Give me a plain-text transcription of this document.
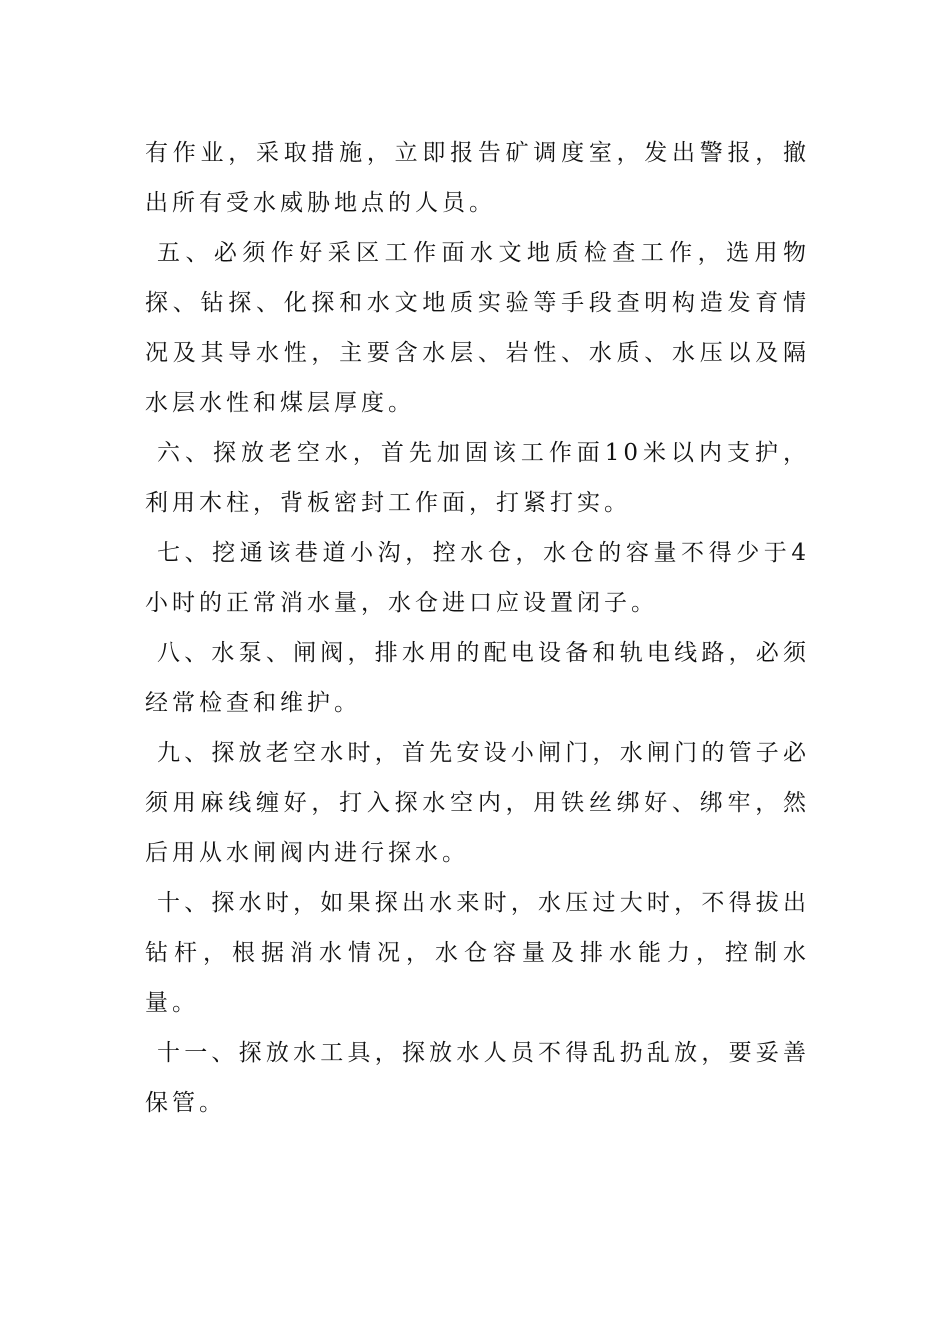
有作业，采取措施，立即报告矿调度室，发出警报，撤出所有受水威胁地点的人员。

五、必须作好采区工作面水文地质检查工作，选用物探、钻探、化探和水文地质实验等手段查明构造发育情况及其导水性，主要含水层、岩性、水质、水压以及隔水层水性和煤层厚度。

六、探放老空水，首先加固该工作面10米以内支护，利用木柱，背板密封工作面，打紧打实。

七、挖通该巷道小沟，控水仓，水仓的容量不得少于4小时的正常消水量，水仓进口应设置闭子。

八、水泵、闸阀，排水用的配电设备和轨电线路，必须经常检查和维护。

九、探放老空水时，首先安设小闸门，水闸门的管子必须用麻线缠好，打入探水空内，用铁丝绑好、绑牢，然后用从水闸阀内进行探水。

十、探水时，如果探出水来时，水压过大时，不得拔出钻杆，根据消水情况，水仓容量及排水能力，控制水量。

十一、探放水工具，探放水人员不得乱扔乱放，要妥善保管。
